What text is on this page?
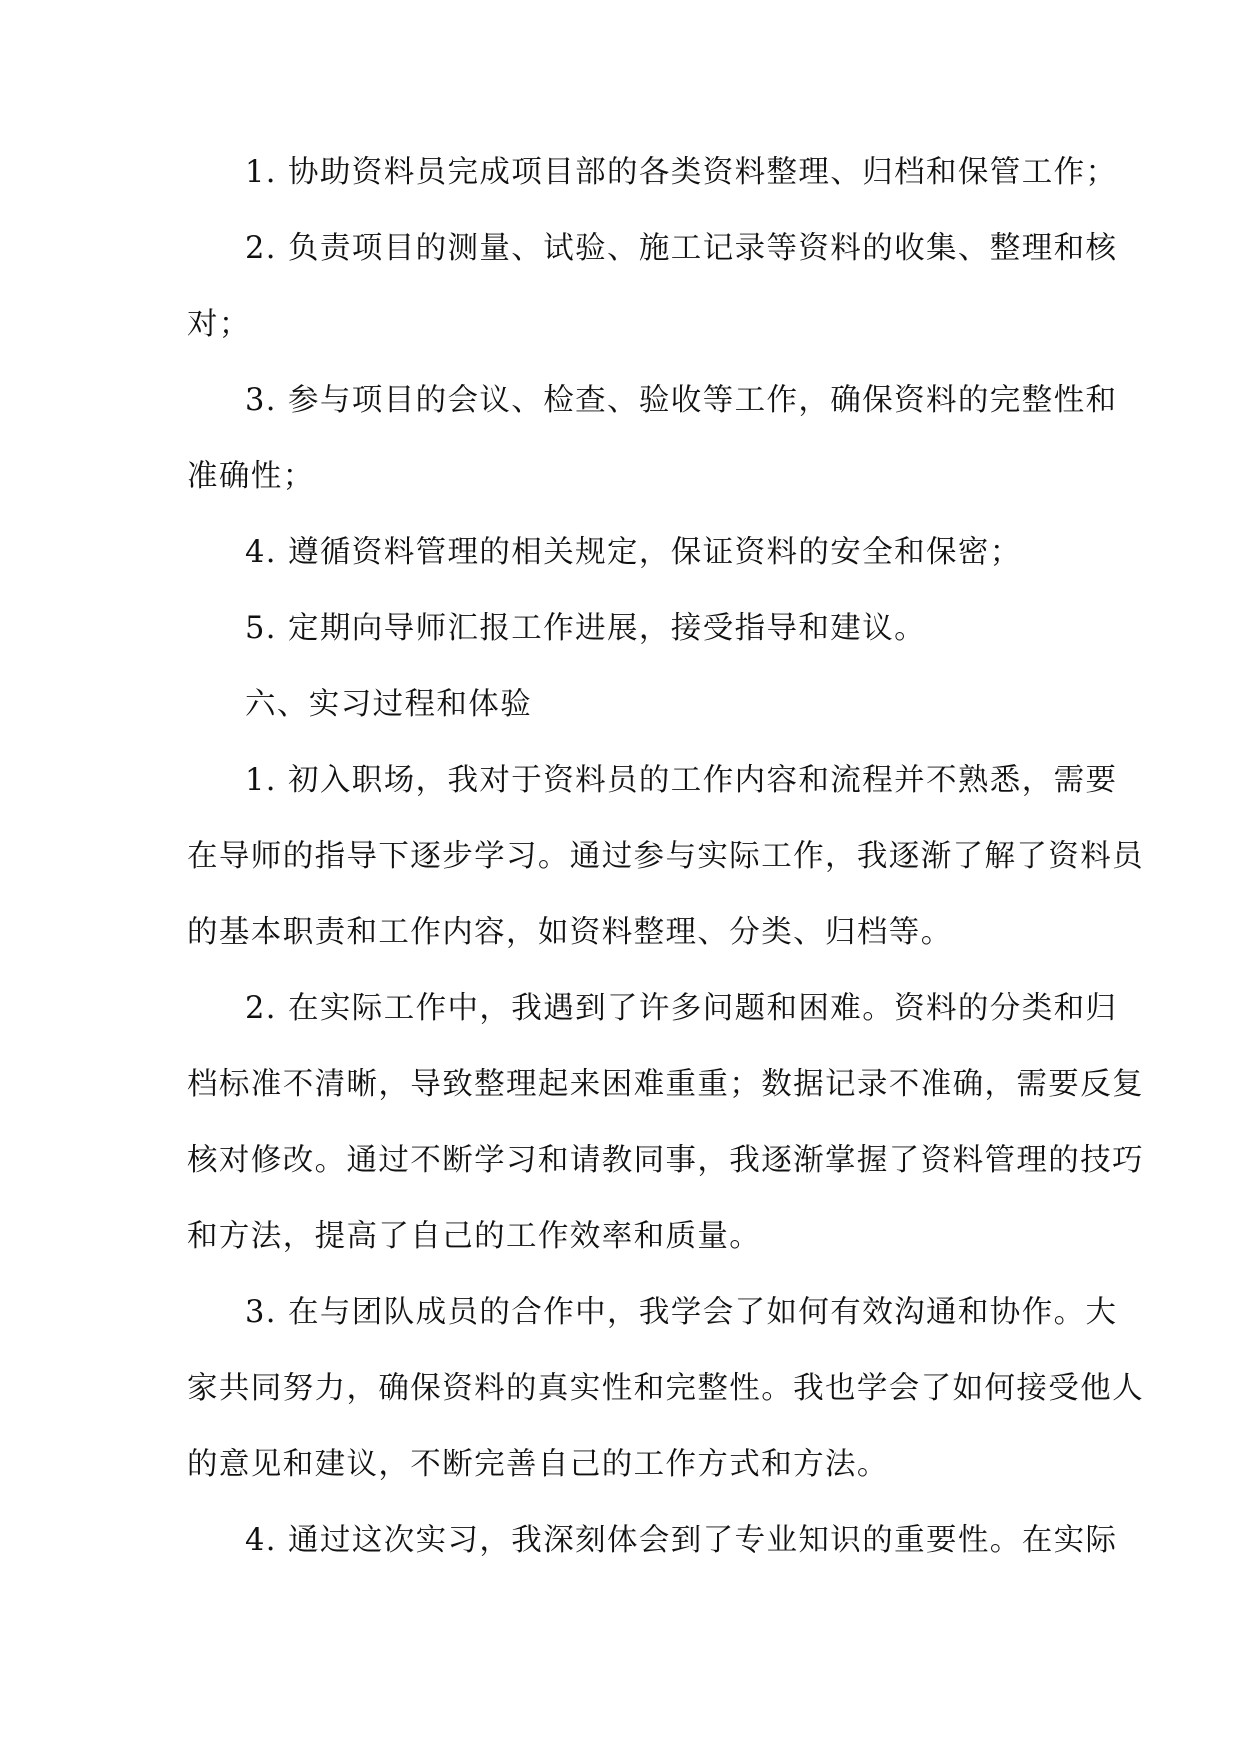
1. 协助资料员完成项目部的各类资料整理、归档和保管工作；
2. 负责项目的测量、试验、施工记录等资料的收集、整理和核
对；
3. 参与项目的会议、检查、验收等工作，确保资料的完整性和
准确性；
4. 遵循资料管理的相关规定，保证资料的安全和保密；
5. 定期向导师汇报工作进展，接受指导和建议。
六、实习过程和体验
1. 初入职场，我对于资料员的工作内容和流程并不熟悉，需要
在导师的指导下逐步学习。通过参与实际工作，我逐渐了解了资料员
的基本职责和工作内容，如资料整理、分类、归档等。
2. 在实际工作中，我遇到了许多问题和困难。资料的分类和归
档标准不清晰，导致整理起来困难重重；数据记录不准确，需要反复
核对修改。通过不断学习和请教同事，我逐渐掌握了资料管理的技巧
和方法，提高了自己的工作效率和质量。
3. 在与团队成员的合作中，我学会了如何有效沟通和协作。大
家共同努力，确保资料的真实性和完整性。我也学会了如何接受他人
的意见和建议，不断完善自己的工作方式和方法。
4. 通过这次实习，我深刻体会到了专业知识的重要性。在实际
